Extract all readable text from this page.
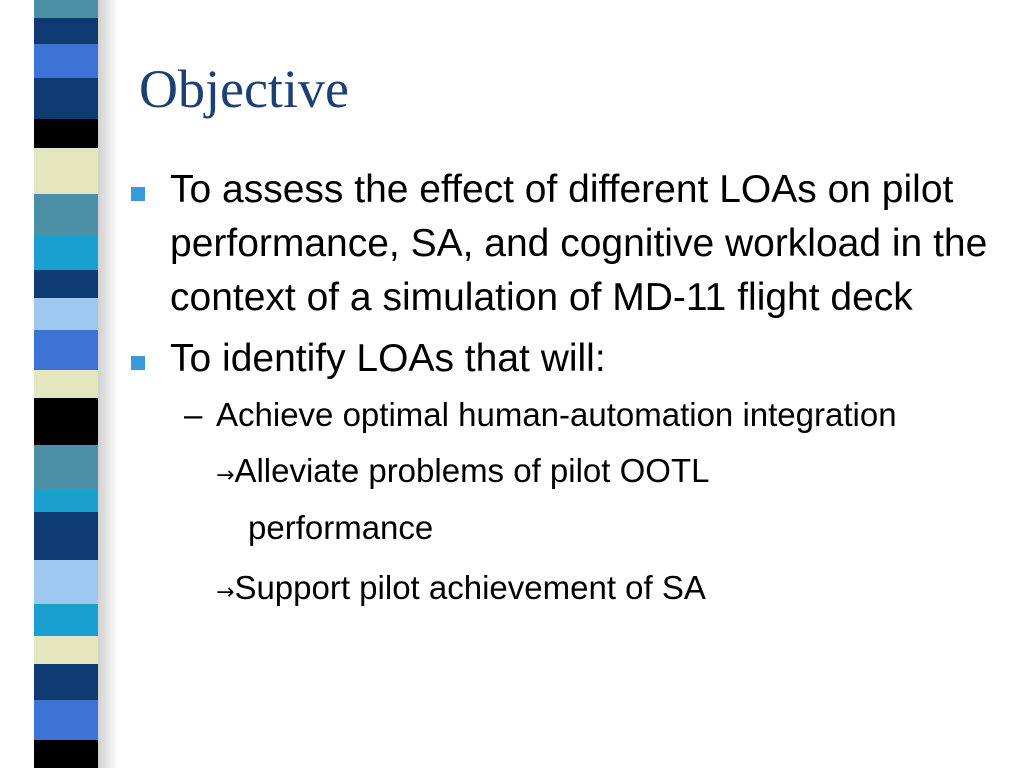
Objective
To assess the effect of different LOAs on pilot performance, SA, and cognitive workload in the context of a simulation of MD-11 flight deck
To identify LOAs that will:
– Achieve optimal human-automation integration
→Alleviate problems of pilot OOTL
performance
→Support pilot achievement of SA
